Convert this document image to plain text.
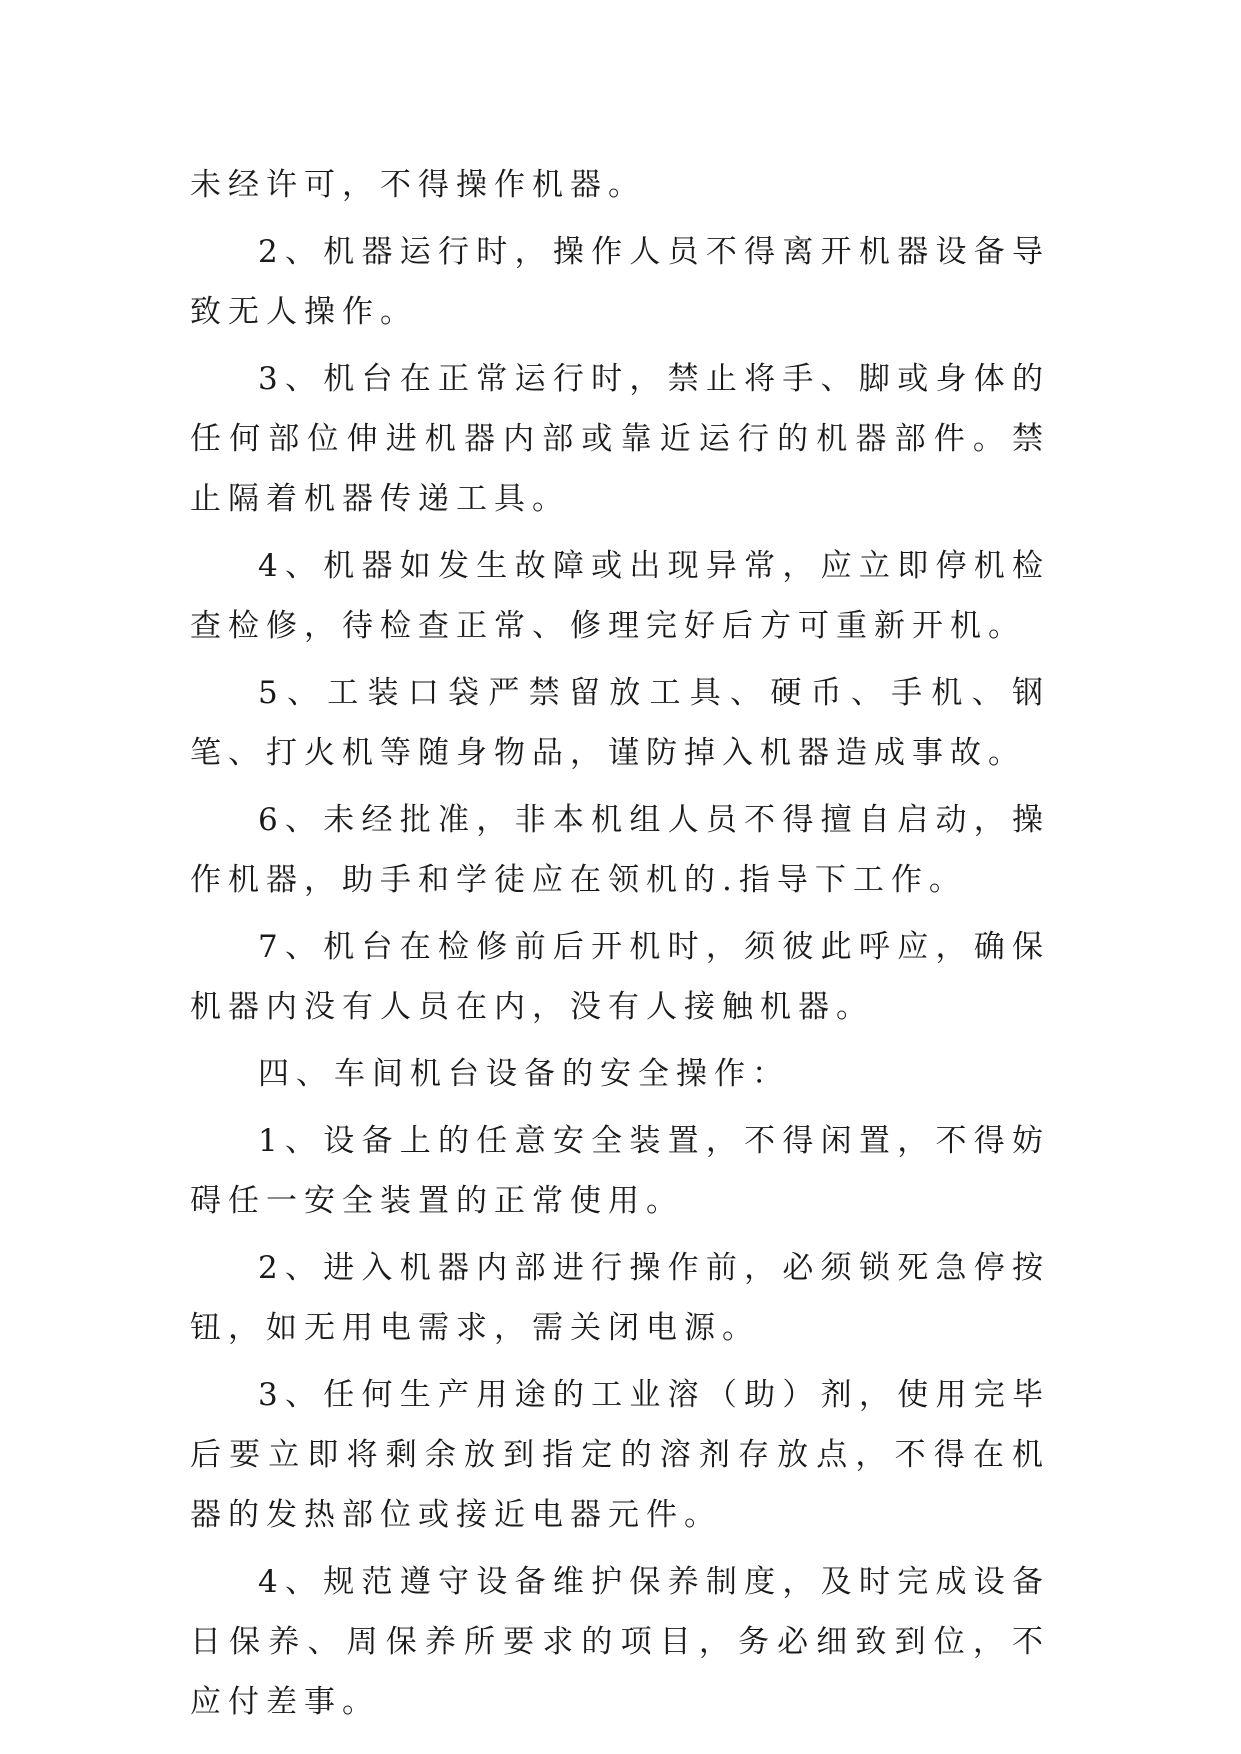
未经许可，不得操作机器。

2、机器运行时，操作人员不得离开机器设备导致无人操作。

3、机台在正常运行时，禁止将手、脚或身体的任何部位伸进机器内部或靠近运行的机器部件。禁止隔着机器传递工具。

4、机器如发生故障或出现异常，应立即停机检查检修，待检查正常、修理完好后方可重新开机。

5、工装口袋严禁留放工具、硬币、手机、钢笔、打火机等随身物品，谨防掉入机器造成事故。

6、未经批准，非本机组人员不得擅自启动，操作机器，助手和学徒应在领机的.指导下工作。

7、机台在检修前后开机时，须彼此呼应，确保机器内没有人员在内，没有人接触机器。

四、车间机台设备的安全操作：

1、设备上的任意安全装置，不得闲置，不得妨碍任一安全装置的正常使用。

2、进入机器内部进行操作前，必须锁死急停按钮，如无用电需求，需关闭电源。

3、任何生产用途的工业溶（助）剂，使用完毕后要立即将剩余放到指定的溶剂存放点，不得在机器的发热部位或接近电器元件。

4、规范遵守设备维护保养制度，及时完成设备日保养、周保养所要求的项目，务必细致到位，不应付差事。
